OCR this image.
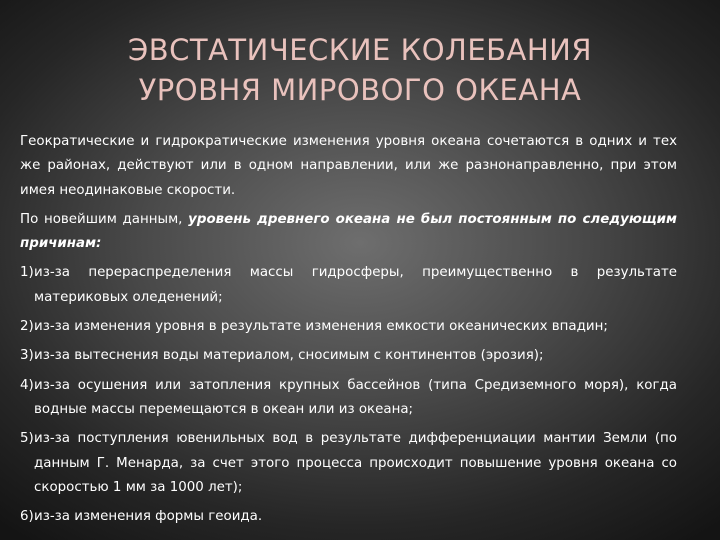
ЭВСТАТИЧЕСКИЕ КОЛЕБАНИЯ
УРОВНЯ МИРОВОГО ОКЕАНА

Геократические и гидрократические изменения уровня океана сочетаются в одних и тех же районах, действуют или в одном направлении, или же разнонаправленно, при этом имея неодинаковые скорости.

По новейшим данным, уровень древнего океана не был постоянным по следующим причинам:

1) из-за перераспределения массы гидросферы, преимущественно в результате материковых оледенений;
2) из-за изменения уровня в результате изменения емкости океанических впадин;
3) из-за вытеснения воды материалом, сносимым с континентов (эрозия);
4) из-за осушения или затопления крупных бассейнов (типа Средиземного моря), когда водные массы перемещаются в океан или из океана;
5) из-за поступления ювенильных вод в результате дифференциации мантии Земли (по данным Г. Менарда, за счет этого процесса происходит повышение уровня океана со скоростью 1 мм за 1000 лет);
6) из-за изменения формы геоида.
